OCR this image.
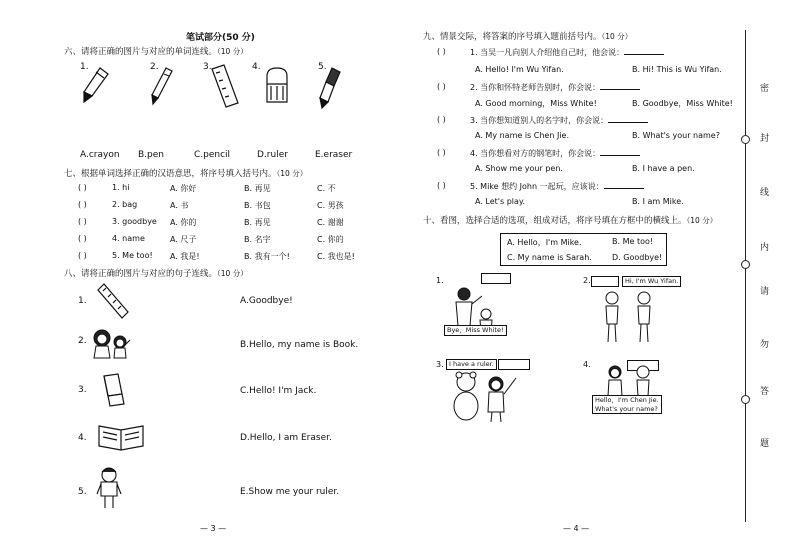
笔试部分(50 分)
六、请将正确的图片与对应的单词连线。（10 分）
1.	2.	3.	4.	5.
A.crayon B.pen	C.pencil	D.ruler	E.eraser
七、根据单词选择正确的汉语意思，将序号填入括号内。（10 分）
( )	1. hi	A. 你好	B. 再见	C. 不
( )	2. bag	A. 书	B. 书包	C. 男孩
( )	3. goodbye A. 你的	B. 再见	C. 谢谢
( )	4. name	A. 尺子	B. 名字	C. 你的
( )	5. Me too! A. 我是!	B. 我有一个!	C. 我也是!
八、请将正确的图片与对应的句子连线。（10 分）
1.
2.
3.
4.
5.
A.Goodbye!
B.Hello, my name is Book.
C.Hello! I'm Jack.
D.Hello, I am Eraser.
E.Show me your ruler.
— 3 —
九、情景交际，将答案的序号填入题前括号内。（10 分）
( )	1. 当吴一凡向别人介绍他自己时，他会说：
A. Hello! I'm Wu Yifan.	B. Hi! This is Wu Yifan.
( )	2. 当你和怀特老师告别时，你会说：
A. Good morning，Miss White!	B. Goodbye，Miss White!
( )	3. 当你想知道别人的名字时，你会说：
A. My name is Chen Jie.	B. What's your name?
( )	4. 当你想看对方的钢笔时，你会说：
A. Show me your pen.	B. I have a pen.
( )	5. Mike 想约 John 一起玩，应该说：
A. Let's play.	B. I am Mike.
十、看图，选择合适的选项，组成对话，将序号填在方框中的横线上。（10 分）
A. Hello，I'm Mike.	B. Me too!
C. My name is Sarah.	D. Goodbye!
1.	2.
3.	4.

Bye，Miss White!

Hi, I'm Wu Yifan.
I have a ruler.

Hello，I'm Chen Jie.
What's your name?
— 4 —
密
封
线
内
请
勿
答
题
